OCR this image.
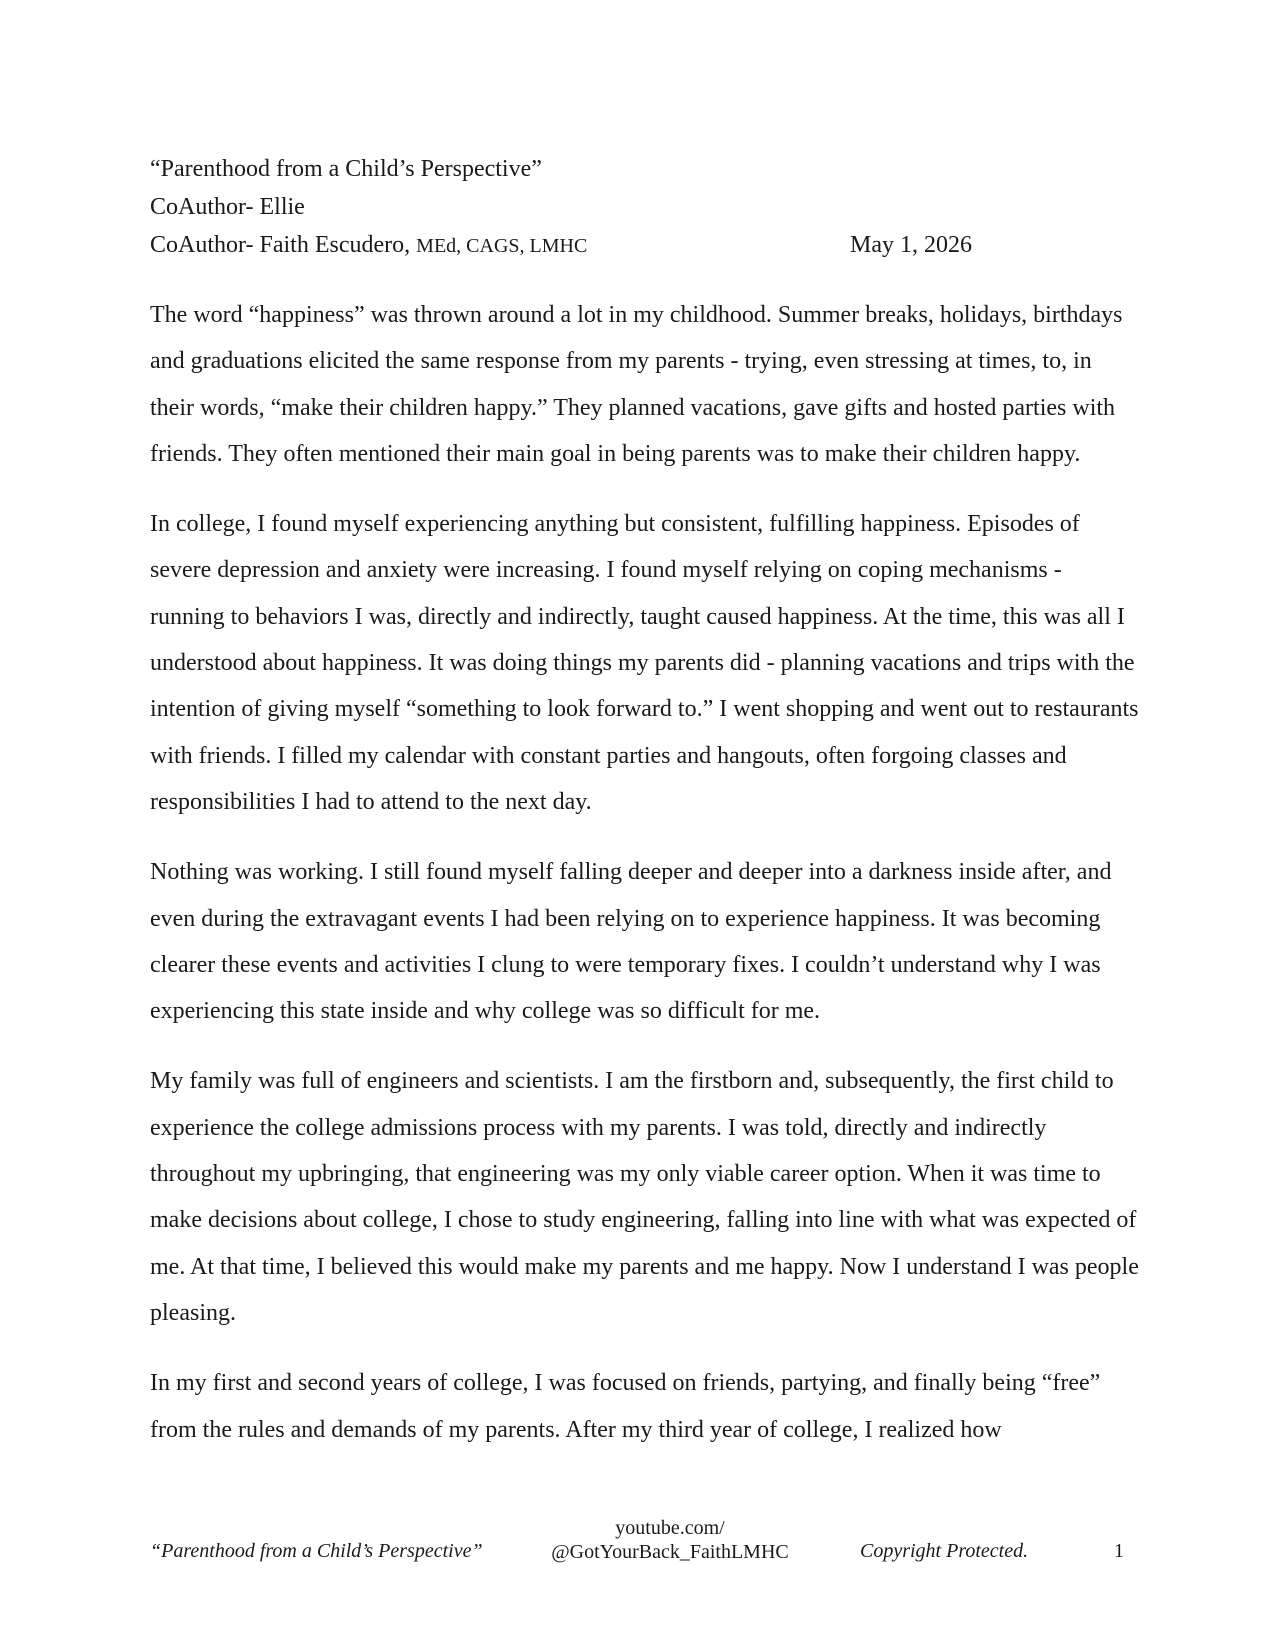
“Parenthood from a Child’s Perspective”
CoAuthor- Ellie
CoAuthor- Faith Escudero, MEd, CAGS, LMHC	May 1, 2026

The word “happiness” was thrown around a lot in my childhood. Summer breaks, holidays, birthdays and graduations elicited the same response from my parents - trying, even stressing at times, to, in their words, “make their children happy.” They planned vacations, gave gifts and hosted parties with friends. They often mentioned their main goal in being parents was to make their children happy.

In college, I found myself experiencing anything but consistent, fulfilling happiness. Episodes of severe depression and anxiety were increasing. I found myself relying on coping mechanisms - running to behaviors I was, directly and indirectly, taught caused happiness. At the time, this was all I understood about happiness. It was doing things my parents did - planning vacations and trips with the intention of giving myself “something to look forward to.” I went shopping and went out to restaurants with friends. I filled my calendar with constant parties and hangouts, often forgoing classes and responsibilities I had to attend to the next day.

Nothing was working. I still found myself falling deeper and deeper into a darkness inside after, and even during the extravagant events I had been relying on to experience happiness. It was becoming clearer these events and activities I clung to were temporary fixes. I couldn’t understand why I was experiencing this state inside and why college was so difficult for me.

My family was full of engineers and scientists. I am the firstborn and, subsequently, the first child to experience the college admissions process with my parents. I was told, directly and indirectly throughout my upbringing, that engineering was my only viable career option. When it was time to make decisions about college, I chose to study engineering, falling into line with what was expected of me. At that time, I believed this would make my parents and me happy. Now I understand I was people pleasing.

In my first and second years of college, I was focused on friends, partying, and finally being “free” from the rules and demands of my parents. After my third year of college, I realized how

“Parenthood from a Child’s Perspective”
youtube.com/
@GotYourBack_FaithLMHC	Copyright Protected.	1
